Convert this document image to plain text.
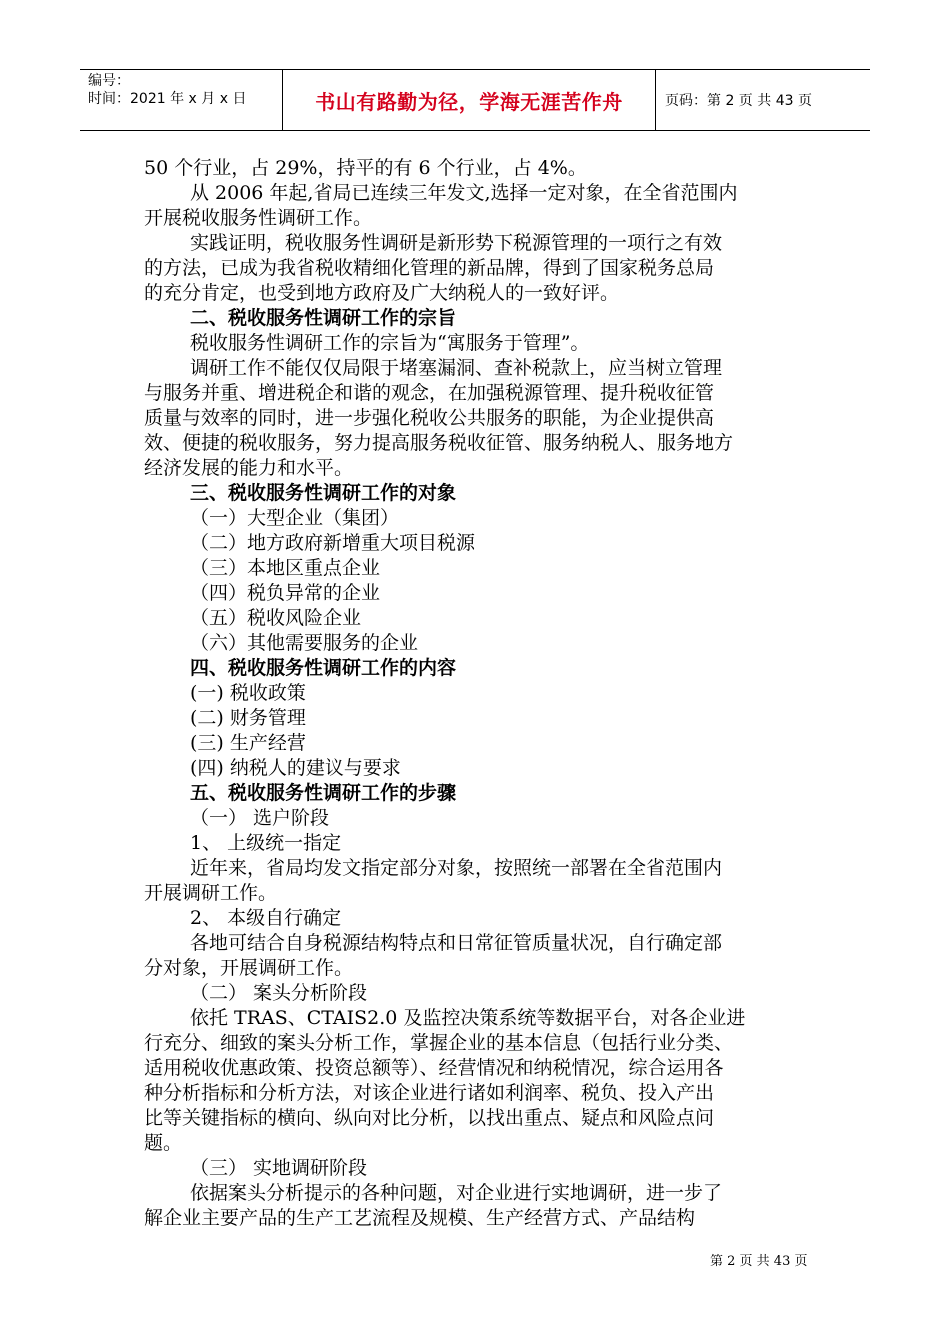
编号：
时间：2021 年 x 月 x 日	书山有路勤为径，学海无涯苦作舟	页码：第 2 页 共 43 页
50 个行业，占 29%，持平的有 6 个行业，占 4%。
从 2006 年起,省局已连续三年发文,选择一定对象，在全省范围内
开展税收服务性调研工作。
实践证明，税收服务性调研是新形势下税源管理的一项行之有效
的方法，已成为我省税收精细化管理的新品牌，得到了国家税务总局
的充分肯定，也受到地方政府及广大纳税人的一致好评。
二、税收服务性调研工作的宗旨
税收服务性调研工作的宗旨为“寓服务于管理”。
调研工作不能仅仅局限于堵塞漏洞、查补税款上，应当树立管理
与服务并重、增进税企和谐的观念，在加强税源管理、提升税收征管
质量与效率的同时，进一步强化税收公共服务的职能，为企业提供高
效、便捷的税收服务，努力提高服务税收征管、服务纳税人、服务地方
经济发展的能力和水平。
三、税收服务性调研工作的对象
（一）大型企业（集团）
（二）地方政府新增重大项目税源
（三）本地区重点企业
（四）税负异常的企业
（五）税收风险企业
（六）其他需要服务的企业
四、税收服务性调研工作的内容
(一) 税收政策
(二) 财务管理
(三) 生产经营
(四) 纳税人的建议与要求
五、税收服务性调研工作的步骤
（一） 选户阶段
1、 上级统一指定
近年来，省局均发文指定部分对象，按照统一部署在全省范围内
开展调研工作。
2、 本级自行确定
各地可结合自身税源结构特点和日常征管质量状况，自行确定部
分对象，开展调研工作。
（二） 案头分析阶段
依托 TRAS、CTAIS2.0 及监控决策系统等数据平台，对各企业进
行充分、细致的案头分析工作，掌握企业的基本信息（包括行业分类、
适用税收优惠政策、投资总额等）、经营情况和纳税情况，综合运用各
种分析指标和分析方法，对该企业进行诸如利润率、税负、投入产出
比等关键指标的横向、纵向对比分析，以找出重点、疑点和风险点问
题。
（三） 实地调研阶段
依据案头分析提示的各种问题，对企业进行实地调研，进一步了
解企业主要产品的生产工艺流程及规模、生产经营方式、产品结构
第 2 页 共 43 页
